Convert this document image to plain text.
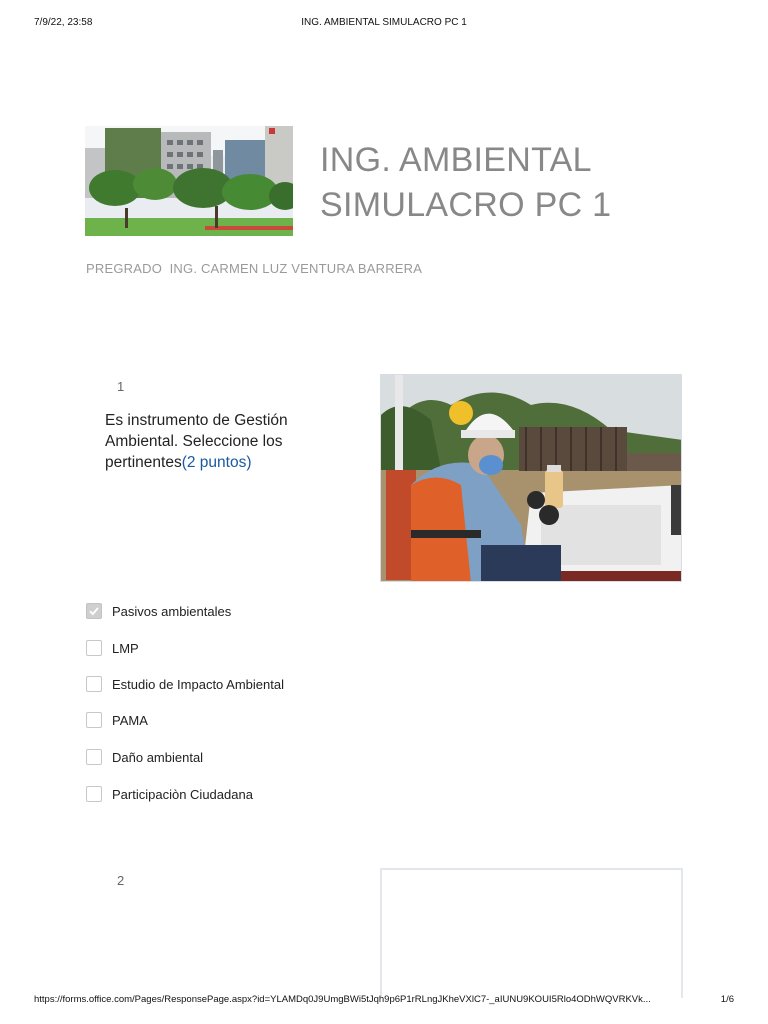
7/9/22, 23:58	ING. AMBIENTAL SIMULACRO PC 1
ING. AMBIENTAL
SIMULACRO PC 1
PREGRADO  ING. CARMEN LUZ VENTURA BARRERA
1
Es instrumento de Gestión Ambiental. Seleccione los pertinentes(2 puntos)
Pasivos ambientales
LMP
Estudio de Impacto Ambiental
PAMA
Daño ambiental
Participaciòn Ciudadana
2
https://forms.office.com/Pages/ResponsePage.aspx?id=YLAMDq0J9UmgBWi5tJqh9p6P1rRLngJKheVXlC7-_aIUNU9KOUI5Rlo4ODhWQVRKVk...	1/6
